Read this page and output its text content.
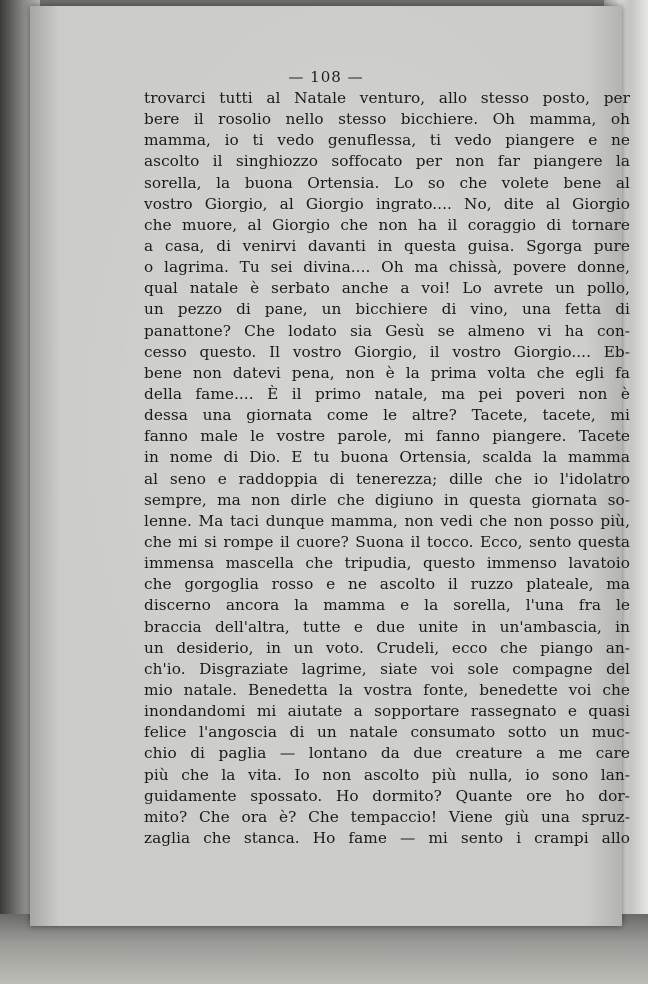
— 108 —
trovarci tutti al Natale venturo, allo stesso posto, per
bere il rosolio nello stesso bicchiere. Oh mamma, oh
mamma, io ti vedo genuflessa, ti vedo piangere e ne
ascolto il singhiozzo soffocato per non far piangere la
sorella, la buona Ortensia. Lo so che volete bene al
vostro Giorgio, al Giorgio ingrato.... No, dite al Giorgio
che muore, al Giorgio che non ha il coraggio di tornare
a casa, di venirvi davanti in questa guisa. Sgorga pure
o lagrima. Tu sei divina.... Oh ma chissà, povere donne,
qual natale è serbato anche a voi! Lo avrete un pollo,
un pezzo di pane, un bicchiere di vino, una fetta di
panattone? Che lodato sia Gesù se almeno vi ha con-
cesso questo. Il vostro Giorgio, il vostro Giorgio.... Eb-
bene non datevi pena, non è la prima volta che egli fa
della fame.... È il primo natale, ma pei poveri non è
dessa una giornata come le altre? Tacete, tacete, mi
fanno male le vostre parole, mi fanno piangere. Tacete
in nome di Dio. E tu buona Ortensia, scalda la mamma
al seno e raddoppia di tenerezza; dille che io l'idolatro
sempre, ma non dirle che digiuno in questa giornata so-
lenne. Ma taci dunque mamma, non vedi che non posso più,
che mi si rompe il cuore? Suona il tocco. Ecco, sento questa
immensa mascella che tripudia, questo immenso lavatoio
che gorgoglia rosso e ne ascolto il ruzzo plateale, ma
discerno ancora la mamma e la sorella, l'una fra le
braccia dell'altra, tutte e due unite in un'ambascia, in
un desiderio, in un voto. Crudeli, ecco che piango an-
ch'io. Disgraziate lagrime, siate voi sole compagne del
mio natale. Benedetta la vostra fonte, benedette voi che
inondandomi mi aiutate a sopportare rassegnato e quasi
felice l'angoscia di un natale consumato sotto un muc-
chio di paglia — lontano da due creature a me care
più che la vita. Io non ascolto più nulla, io sono lan-
guidamente spossato. Ho dormito? Quante ore ho dor-
mito? Che ora è? Che tempaccio! Viene giù una spruz-
zaglia che stanca. Ho fame — mi sento i crampi allo
